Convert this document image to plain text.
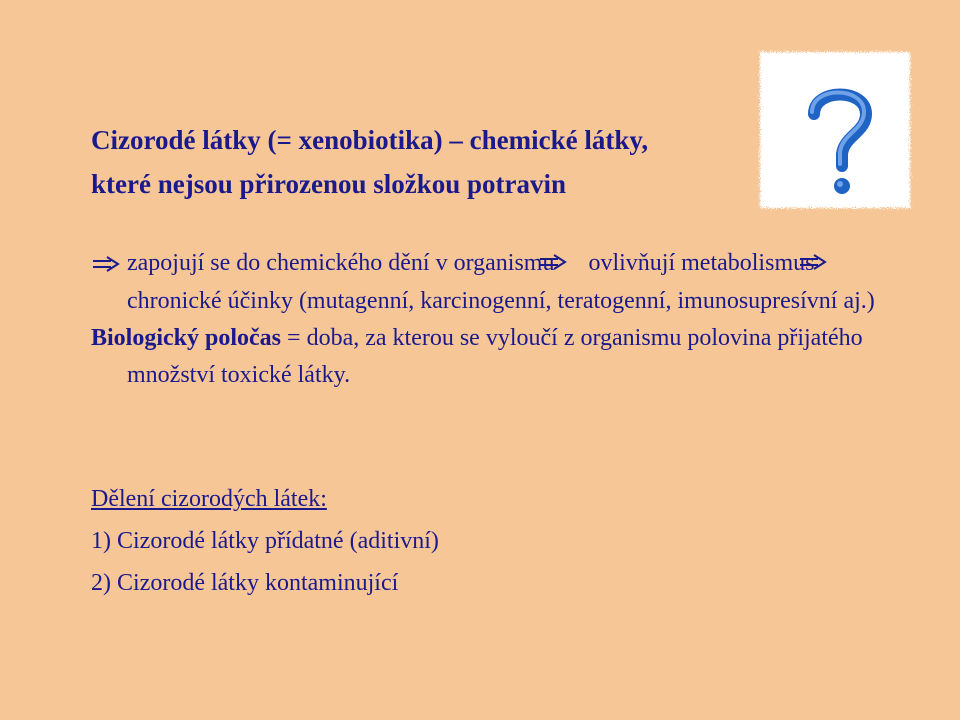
Cizorodé látky (= xenobiotika) – chemické látky,
které nejsou přirozenou složkou potravin

zapojují se do chemického dění v organismu ovlivňují metabolismuschronické účinky (mutagenní, karcinogenní, teratogenní, imunosupresívní aj.)

Biologický poločas = doba, za kterou se vyloučí z organismu polovina přijatého množství toxické látky.

Dělení cizorodých látek:
1) Cizorodé látky přídatné (aditivní)
2) Cizorodé látky kontaminující
